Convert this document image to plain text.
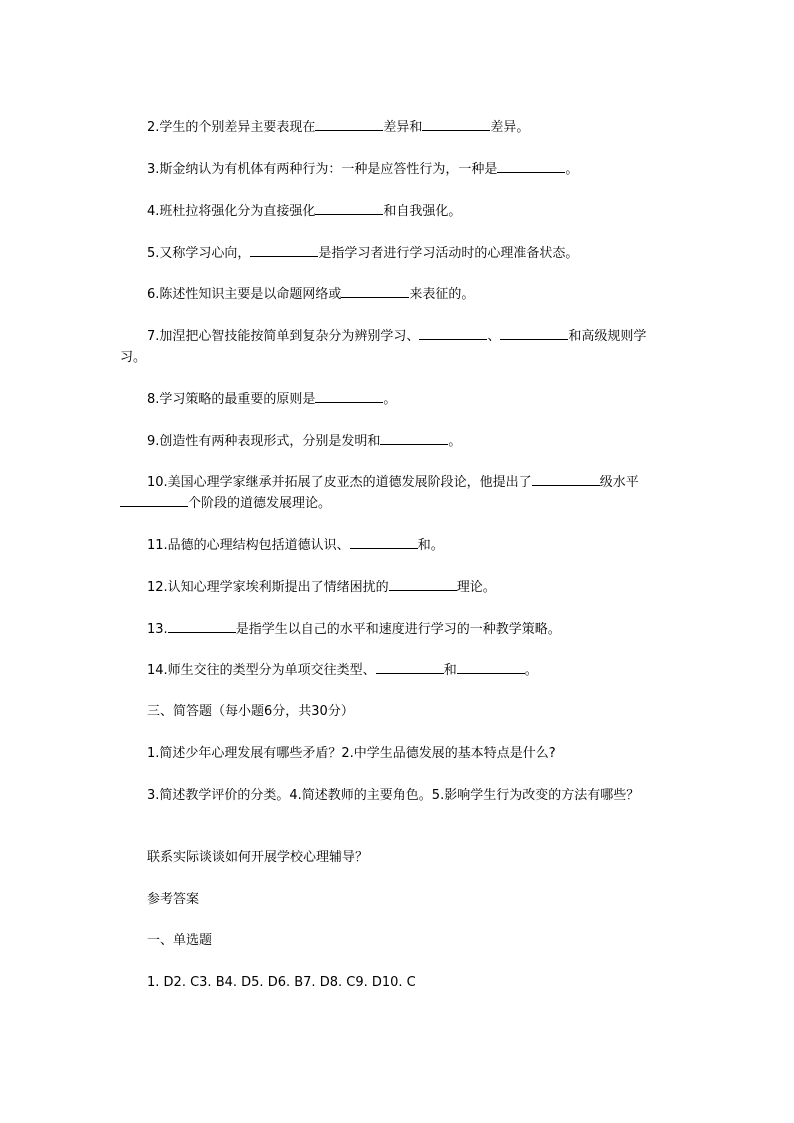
2.学生的个别差异主要表现在	差异和	差异。
3.斯金纳认为有机体有两种行为：一种是应答性行为，一种是	。
4.班杜拉将强化分为直接强化	和自我强化。
5.又称学习心向，	是指学习者进行学习活动时的心理准备状态。
6.陈述性知识主要是以命题网络或	来表征的。
7.加涅把心智技能按简单到复杂分为辨别学习、	、	和高级规则学习。
8.学习策略的最重要的原则是	。
9.创造性有两种表现形式，分别是发明和	。
10.美国心理学家继承并拓展了皮亚杰的道德发展阶段论，他提出了	级水平个阶段的道德发展理论。
11.品德的心理结构包括道德认识、	和。
12.认知心理学家埃利斯提出了情绪困扰的	理论。
13.	是指学生以自己的水平和速度进行学习的一种教学策略。
14.师生交往的类型分为单项交往类型、	和	。
三、简答题（每小题6分，共30分）
1.简述少年心理发展有哪些矛盾？2.中学生品德发展的基本特点是什么?
3.简述教学评价的分类。4.简述教师的主要角色。5.影响学生行为改变的方法有哪些？
联系实际谈谈如何开展学校心理辅导？
参考答案
一、单选题
1. D2. C3. B4. D5. D6. B7. D8. C9. D10. C
